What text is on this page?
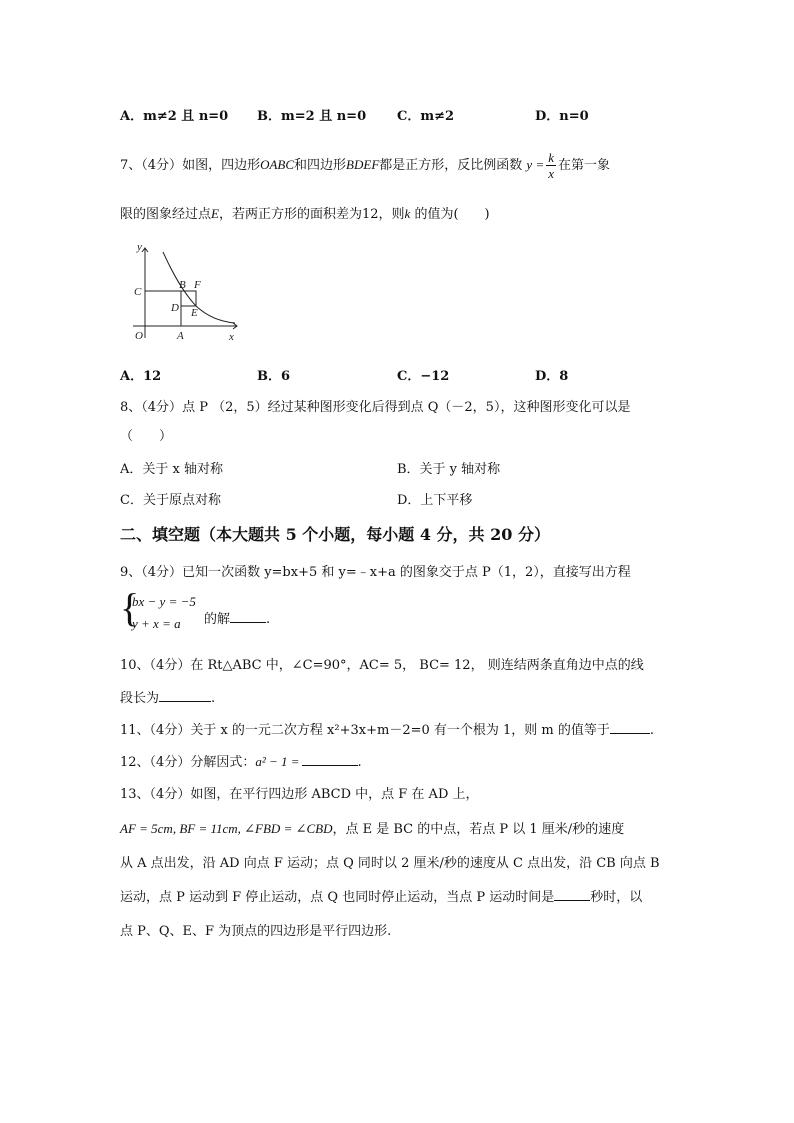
A．m≠2 且 n=0 B．m=2 且 n=0 C．m≠2	D．n=0
7、（4分）如图，四边形OABC和四边形BDEF都是正方形，反比例函数 $y = \frac{k}{x}$ 在第一象
限的图象经过点E，若两正方形的面积差为12，则k 的值为(　　)
y
x
O	A
C
B F
D E
A．12	B．6	C．−12	D．8
8、（4分）点 P （2，5）经过某种图形变化后得到点 Q（－2，5），这种图形变化可以是
（　　）
A．关于 x 轴对称	B．关于 y 轴对称
C．关于原点对称	D．上下平移
二、填空题（本大题共 5 个小题，每小题 4 分，共 20 分）
9、（4分）已知一次函数 y=bx+5 和 y=﹣x+a 的图象交于点 P（1，2），直接写出方程
{
bx − y = −5
y + x = a 的解	.
10、（4分）在 Rt△ABC 中，∠C=90°，AC= 5， BC= 12， 则连结两条直角边中点的线
段长为	.
11、（4分）关于 x 的一元二次方程 x²+3x+m－2=0 有一个根为 1，则 m 的值等于	.
12、（4分）分解因式：a² − 1 =	.
13、（4分）如图，在平行四边形 ABCD 中，点 F 在 AD 上，
AF = 5cm, BF = 11cm, ∠FBD = ∠CBD，点 E 是 BC 的中点，若点 P 以 1 厘米/秒的速度
从 A 点出发，沿 AD 向点 F 运动；点 Q 同时以 2 厘米/秒的速度从 C 点出发，沿 CB 向点 B
运动，点 P 运动到 F 停止运动，点 Q 也同时停止运动，当点 P 运动时间是	秒时，以
点 P、Q、E、F 为顶点的四边形是平行四边形.
